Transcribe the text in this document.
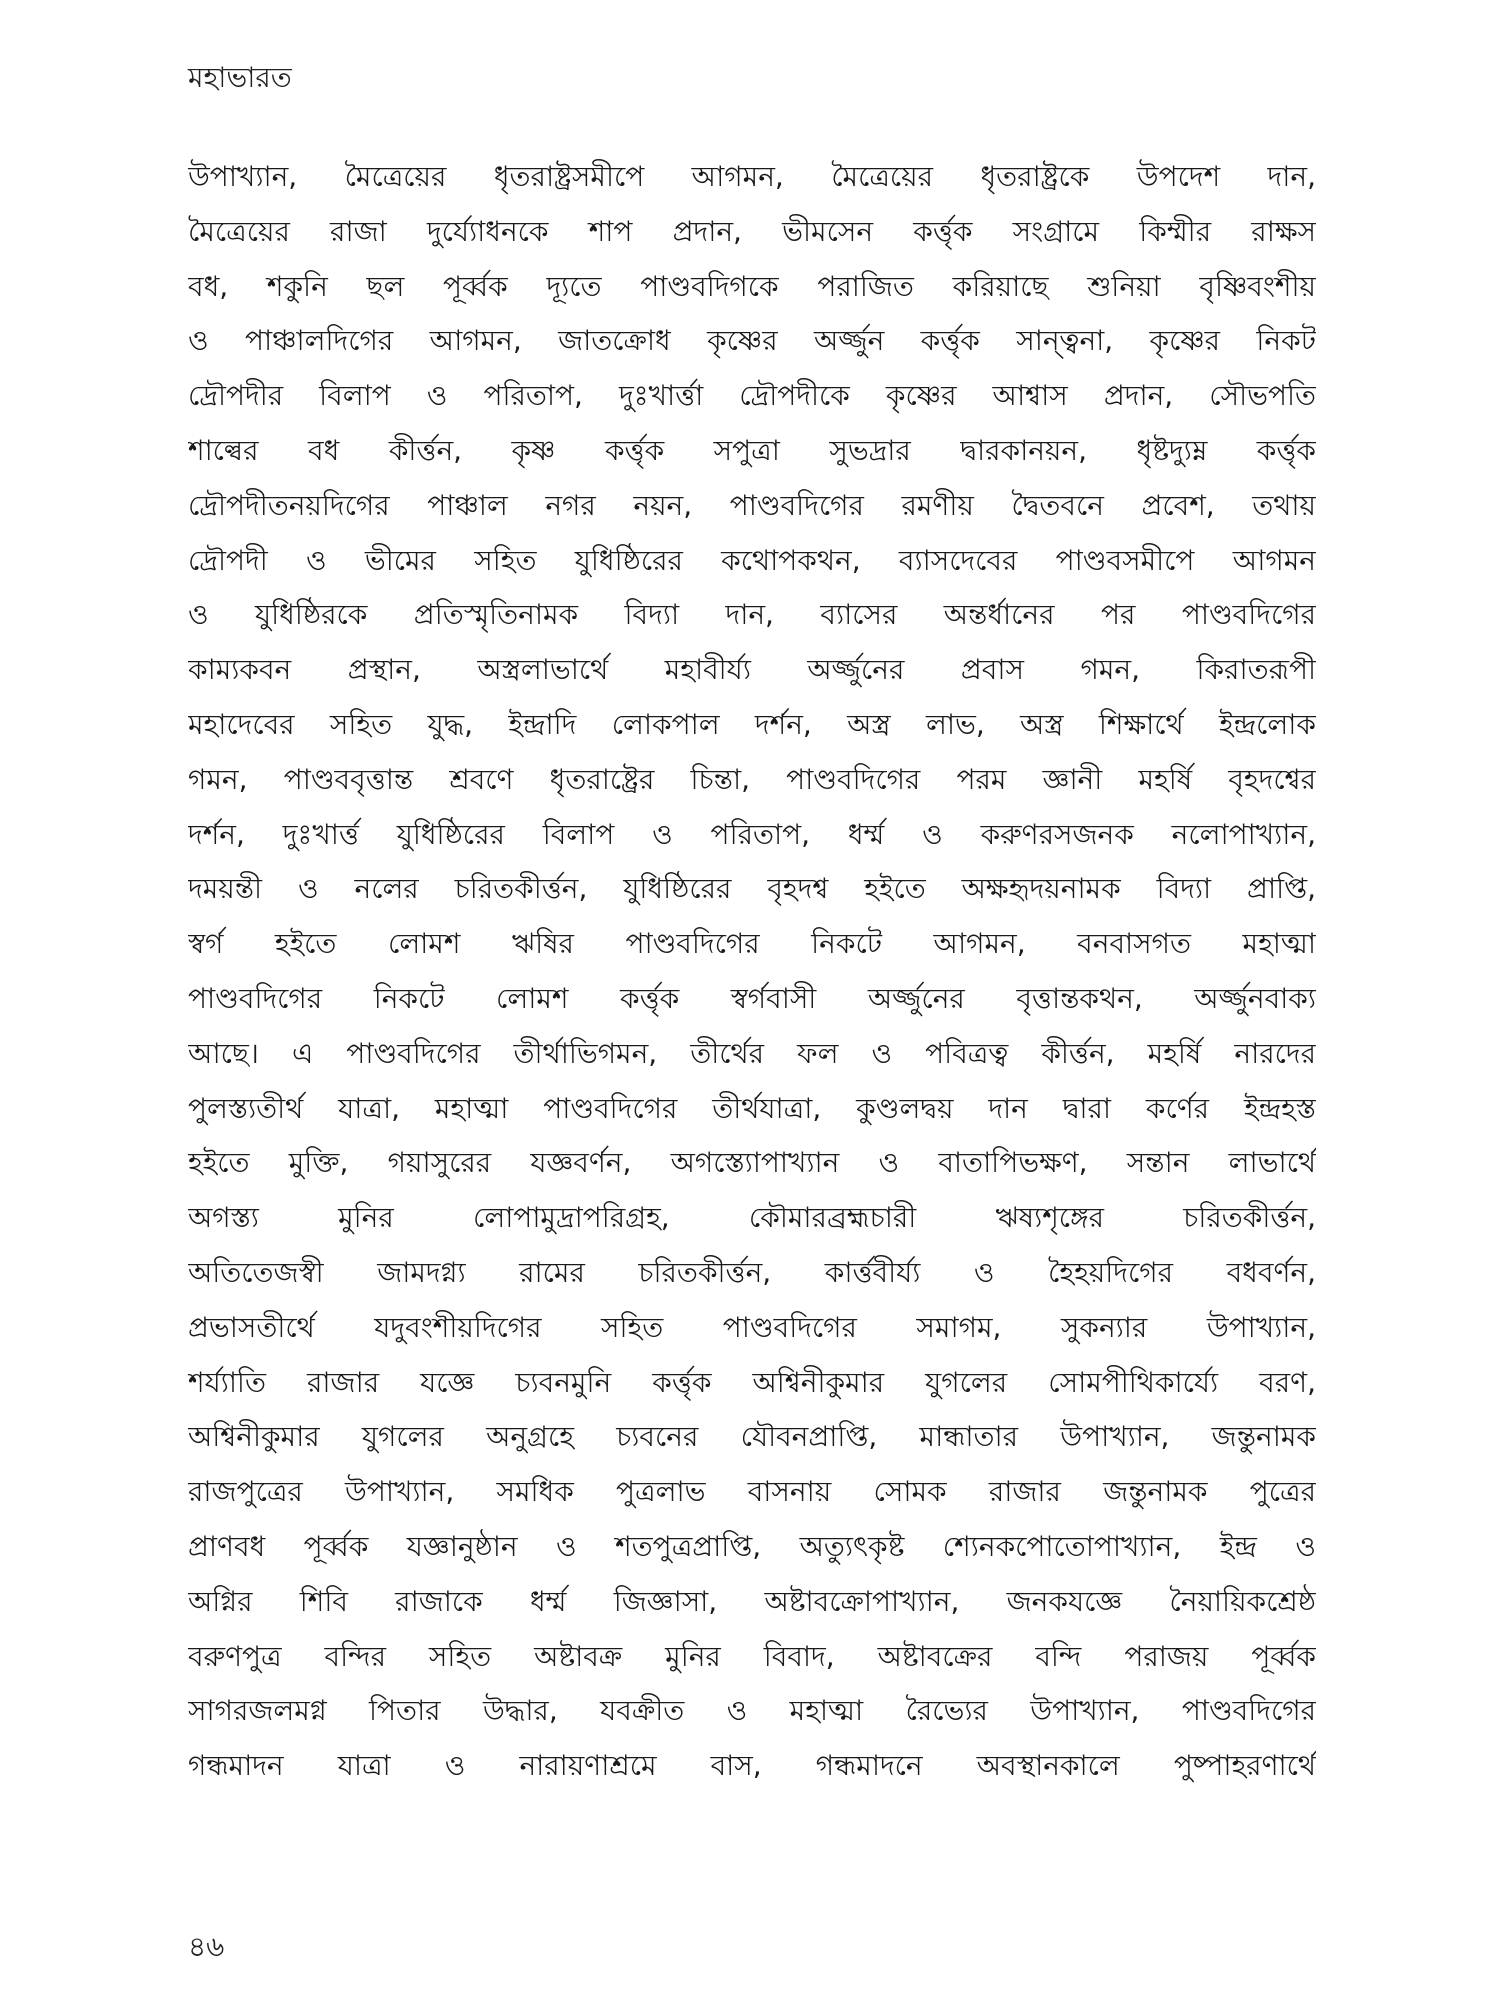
মহাভারত
উপাখ্যান, মৈত্রেয়ের ধৃতরাষ্ট্রসমীপে আগমন, মৈত্রেয়ের ধৃতরাষ্ট্রকে উপদেশ দান,
মৈত্রেয়ের রাজা দুর্য্যোধনকে শাপ প্রদান, ভীমসেন কর্ত্তৃক সংগ্রামে কিম্মীর রাক্ষস
বধ, শকুনি ছল পূর্ব্বক দ্যূতে পাণ্ডবদিগকে পরাজিত করিয়াছে শুনিয়া বৃষ্ণিবংশীয়
ও পাঞ্চালদিগের আগমন, জাতক্রোধ কৃষ্ণের অর্জ্জুন কর্ত্তৃক সান্ত্বনা, কৃষ্ণের নিকট
দ্রৌপদীর বিলাপ ও পরিতাপ, দুঃখার্ত্তা দ্রৌপদীকে কৃষ্ণের আশ্বাস প্রদান, সৌভপতি
শাল্বের বধ কীর্ত্তন, কৃষ্ণ কর্ত্তৃক সপুত্রা সুভদ্রার দ্বারকানয়ন, ধৃষ্টদ্যুম্ন কর্ত্তৃক
দ্রৌপদীতনয়দিগের পাঞ্চাল নগর নয়ন, পাণ্ডবদিগের রমণীয় দ্বৈতবনে প্রবেশ, তথায়
দ্রৌপদী ও ভীমের সহিত যুধিষ্ঠিরের কথোপকথন, ব্যাসদেবের পাণ্ডবসমীপে আগমন
ও যুধিষ্ঠিরকে প্রতিস্মৃতিনামক বিদ্যা দান, ব্যাসের অন্তর্ধানের পর পাণ্ডবদিগের
কাম্যকবন প্রস্থান, অস্ত্রলাভার্থে মহাবীর্য্য অর্জ্জুনের প্রবাস গমন, কিরাতরূপী
মহাদেবের সহিত যুদ্ধ, ইন্দ্রাদি লোকপাল দর্শন, অস্ত্র লাভ, অস্ত্র শিক্ষার্থে ইন্দ্রলোক
গমন, পাণ্ডববৃত্তান্ত শ্রবণে ধৃতরাষ্ট্রের চিন্তা, পাণ্ডবদিগের পরম জ্ঞানী মহর্ষি বৃহদশ্বের
দর্শন, দুঃখার্ত্ত যুধিষ্ঠিরের বিলাপ ও পরিতাপ, ধর্ম্ম ও করুণরসজনক নলোপাখ্যান,
দময়ন্তী ও নলের চরিতকীর্ত্তন, যুধিষ্ঠিরের বৃহদশ্ব হইতে অক্ষহৃদয়নামক বিদ্যা প্রাপ্তি,
স্বর্গ হইতে লোমশ ঋষির পাণ্ডবদিগের নিকটে আগমন, বনবাসগত মহাত্মা
পাণ্ডবদিগের নিকটে লোমশ কর্ত্তৃক স্বর্গবাসী অর্জ্জুনের বৃত্তান্তকথন, অর্জ্জুনবাক্য
আছে। এ পাণ্ডবদিগের তীর্থাভিগমন, তীর্থের ফল ও পবিত্রত্ব কীর্ত্তন, মহর্ষি নারদের
পুলস্ত্যতীর্থ যাত্রা, মহাত্মা পাণ্ডবদিগের তীর্থযাত্রা, কুণ্ডলদ্বয় দান দ্বারা কর্ণের ইন্দ্রহস্ত
হইতে মুক্তি, গয়াসুরের যজ্ঞবর্ণন, অগস্ত্যোপাখ্যান ও বাতাপিভক্ষণ, সন্তান লাভার্থে
অগস্ত্য মুনির লোপামুদ্রাপরিগ্রহ, কৌমারব্রহ্মচারী ঋষ্যশৃঙ্গের চরিতকীর্ত্তন,
অতিতেজস্বী জামদগ্ন্য রামের চরিতকীর্ত্তন, কার্ত্তবীর্য্য ও হৈহয়দিগের বধবর্ণন,
প্রভাসতীর্থে যদুবংশীয়দিগের সহিত পাণ্ডবদিগের সমাগম, সুকন্যার উপাখ্যান,
শর্য্যাতি রাজার যজ্ঞে চ্যবনমুনি কর্ত্তৃক অশ্বিনীকুমার যুগলের সোমপীথিকার্য্যে বরণ,
অশ্বিনীকুমার যুগলের অনুগ্রহে চ্যবনের যৌবনপ্রাপ্তি, মান্ধাতার উপাখ্যান, জন্তুনামক
রাজপুত্রের উপাখ্যান, সমধিক পুত্রলাভ বাসনায় সোমক রাজার জন্তুনামক পুত্রের
প্রাণবধ পূর্ব্বক যজ্ঞানুষ্ঠান ও শতপুত্রপ্রাপ্তি, অত্যুৎকৃষ্ট শ্যেনকপোতোপাখ্যান, ইন্দ্র ও
অগ্নির শিবি রাজাকে ধর্ম্ম জিজ্ঞাসা, অষ্টাবক্রোপাখ্যান, জনকযজ্ঞে নৈয়ায়িকশ্রেষ্ঠ
বরুণপুত্র বন্দির সহিত অষ্টাবক্র মুনির বিবাদ, অষ্টাবক্রের বন্দি পরাজয় পূর্ব্বক
সাগরজলমগ্ন পিতার উদ্ধার, যবক্রীত ও মহাত্মা রৈভ্যের উপাখ্যান, পাণ্ডবদিগের
গন্ধমাদন যাত্রা ও নারায়ণাশ্রমে বাস, গন্ধমাদনে অবস্থানকালে পুষ্পাহরণার্থে
৪৬
